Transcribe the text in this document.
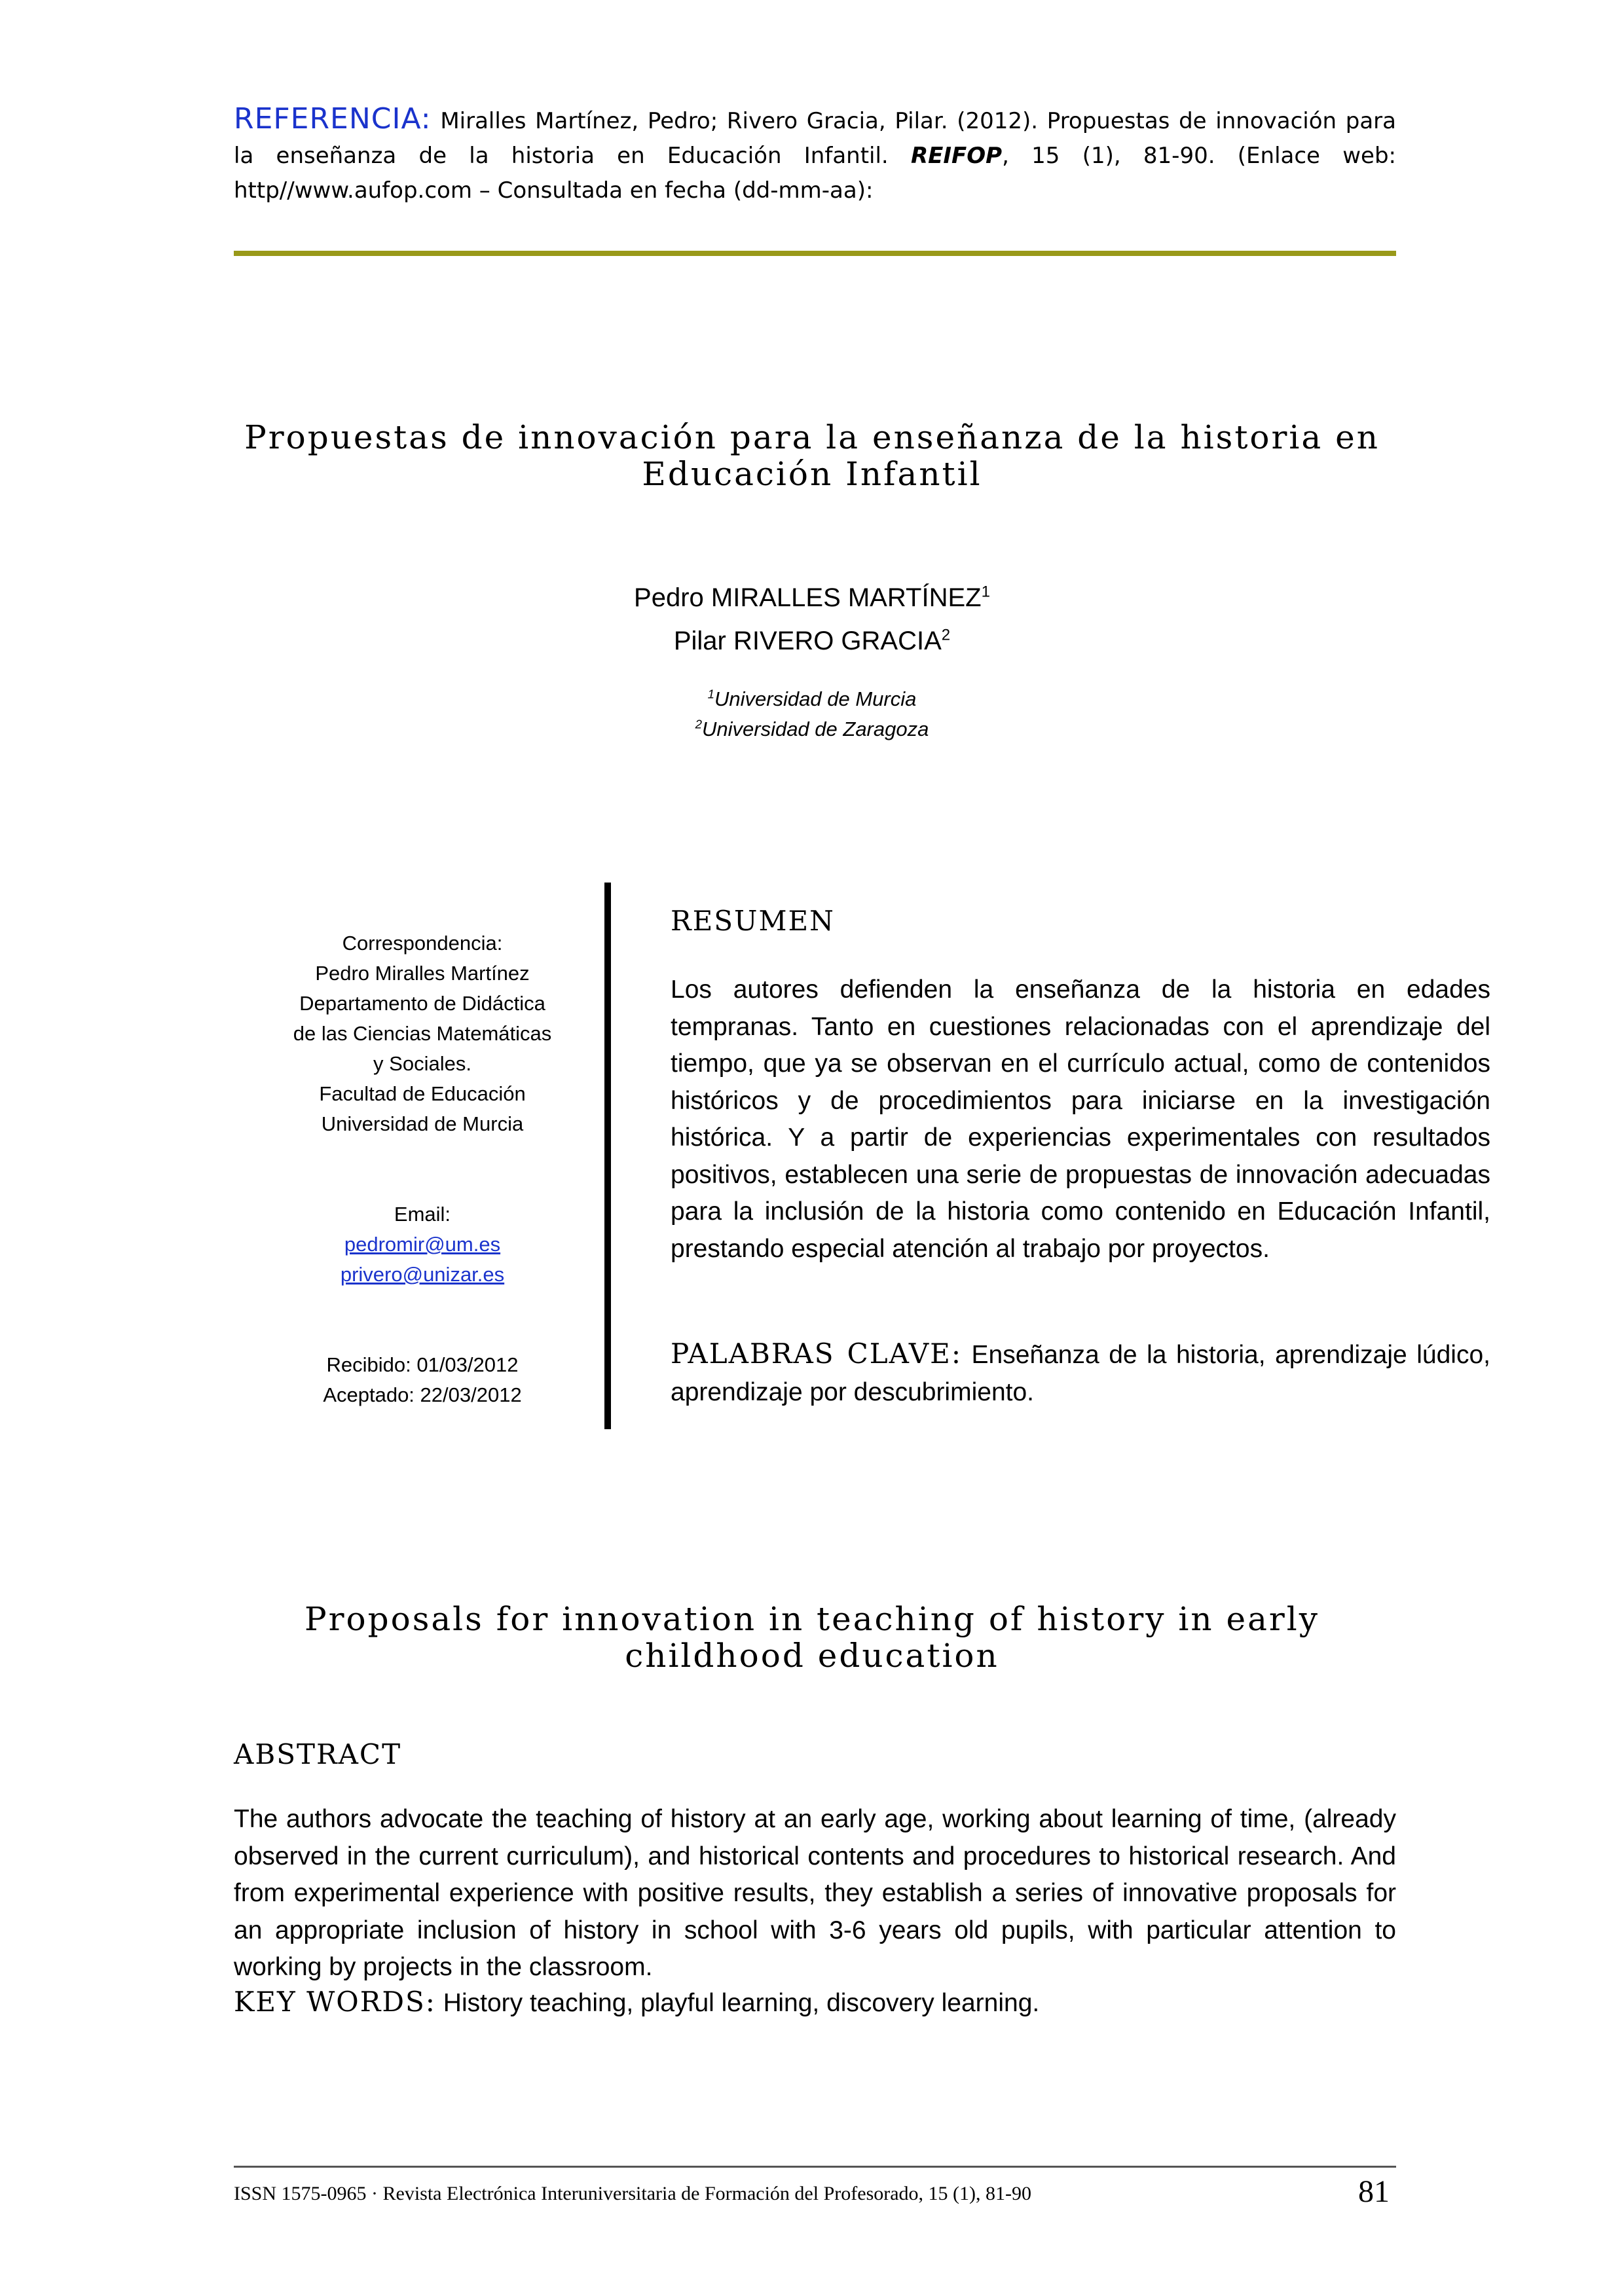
REFERENCIA: Miralles Martínez, Pedro; Rivero Gracia, Pilar. (2012). Propuestas de innovación para la enseñanza de la historia en Educación Infantil. REIFOP, 15 (1), 81-90. (Enlace web: http//www.aufop.com – Consultada en fecha (dd-mm-aa):
Propuestas de innovación para la enseñanza de la historia en
Educación Infantil
Pedro MIRALLES MARTÍNEZ$^1$
Pilar RIVERO GRACIA$^2$
$^1$Universidad de Murcia
$^2$Universidad de Zaragoza
Correspondencia:
Pedro Miralles Martínez
Departamento de Didáctica
de las Ciencias Matemáticas
y Sociales.
Facultad de Educación
Universidad de Murcia
Email:
pedromir@um.es
privero@unizar.es
Recibido: 01/03/2012
Aceptado: 22/03/2012
RESUMEN
Los autores defienden la enseñanza de la historia en edades tempranas. Tanto en cuestiones relacionadas con el aprendizaje del tiempo, que ya se observan en el currículo actual, como de contenidos históricos y de procedimientos para iniciarse en la investigación histórica. Y a partir de experiencias experimentales con resultados positivos, establecen una serie de propuestas de innovación adecuadas para la inclusión de la historia como contenido en Educación Infantil, prestando especial atención al trabajo por proyectos.
PALABRAS CLAVE: Enseñanza de la historia, aprendizaje lúdico, aprendizaje por descubrimiento.
Proposals for innovation in teaching of history in early
childhood education
ABSTRACT
The authors advocate the teaching of history at an early age, working about learning of time, (already observed in the current curriculum), and historical contents and procedures to historical research. And from experimental experience with positive results, they establish a series of innovative proposals for an appropriate inclusion of history in school with 3-6 years old pupils, with particular attention to working by projects in the classroom.
KEY WORDS: History teaching, playful learning, discovery learning.
ISSN 1575-0965 · Revista Electrónica Interuniversitaria de Formación del Profesorado, 15 (1), 81-90	81
